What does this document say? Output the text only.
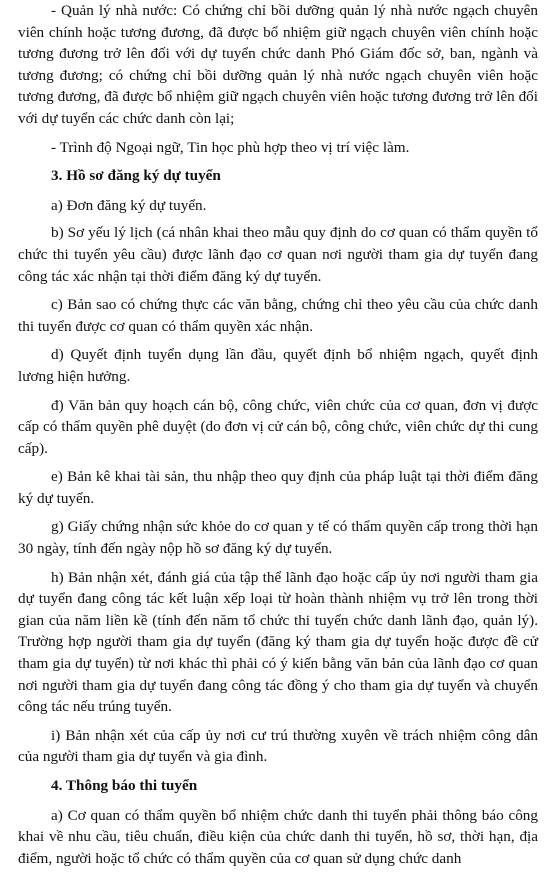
- Quản lý nhà nước: Có chứng chỉ bồi dưỡng quản lý nhà nước ngạch chuyên viên chính hoặc tương đương, đã được bổ nhiệm giữ ngạch chuyên viên chính hoặc tương đương trở lên đối với dự tuyển chức danh Phó Giám đốc sở, ban, ngành và tương đương; có chứng chỉ bồi dưỡng quản lý nhà nước ngạch chuyên viên hoặc tương đương, đã được bổ nhiệm giữ ngạch chuyên viên hoặc tương đương trở lên đối với dự tuyển các chức danh còn lại;

- Trình độ Ngoại ngữ, Tin học phù hợp theo vị trí việc làm.

3. Hồ sơ đăng ký dự tuyển

a) Đơn đăng ký dự tuyển.

b) Sơ yếu lý lịch (cá nhân khai theo mẫu quy định do cơ quan có thẩm quyền tổ chức thi tuyển yêu cầu) được lãnh đạo cơ quan nơi người tham gia dự tuyển đang công tác xác nhận tại thời điểm đăng ký dự tuyển.

c) Bản sao có chứng thực các văn bằng, chứng chỉ theo yêu cầu của chức danh thi tuyển được cơ quan có thẩm quyền xác nhận.

d) Quyết định tuyển dụng lần đầu, quyết định bổ nhiệm ngạch, quyết định lương hiện hưởng.

đ) Văn bản quy hoạch cán bộ, công chức, viên chức của cơ quan, đơn vị được cấp có thẩm quyền phê duyệt (do đơn vị cử cán bộ, công chức, viên chức dự thi cung cấp).

e) Bản kê khai tài sản, thu nhập theo quy định của pháp luật tại thời điểm đăng ký dự tuyển.

g) Giấy chứng nhận sức khỏe do cơ quan y tế có thẩm quyền cấp trong thời hạn 30 ngày, tính đến ngày nộp hồ sơ đăng ký dự tuyển.

h) Bản nhận xét, đánh giá của tập thể lãnh đạo hoặc cấp ủy nơi người tham gia dự tuyển đang công tác kết luận xếp loại từ hoàn thành nhiệm vụ trở lên trong thời gian của năm liền kề (tính đến năm tổ chức thi tuyển chức danh lãnh đạo, quản lý). Trường hợp người tham gia dự tuyển (đăng ký tham gia dự tuyển hoặc được đề cử tham gia dự tuyển) từ nơi khác thì phải có ý kiến bằng văn bản của lãnh đạo cơ quan nơi người tham gia dự tuyển đang công tác đồng ý cho tham gia dự tuyển và chuyển công tác nếu trúng tuyển.

i) Bản nhận xét của cấp ủy nơi cư trú thường xuyên về trách nhiệm công dân của người tham gia dự tuyển và gia đình.

4. Thông báo thi tuyển

a) Cơ quan có thẩm quyền bổ nhiệm chức danh thi tuyển phải thông báo công khai về nhu cầu, tiêu chuẩn, điều kiện của chức danh thi tuyển, hồ sơ, thời hạn, địa điểm, người hoặc tổ chức có thẩm quyền của cơ quan sử dụng chức danh
